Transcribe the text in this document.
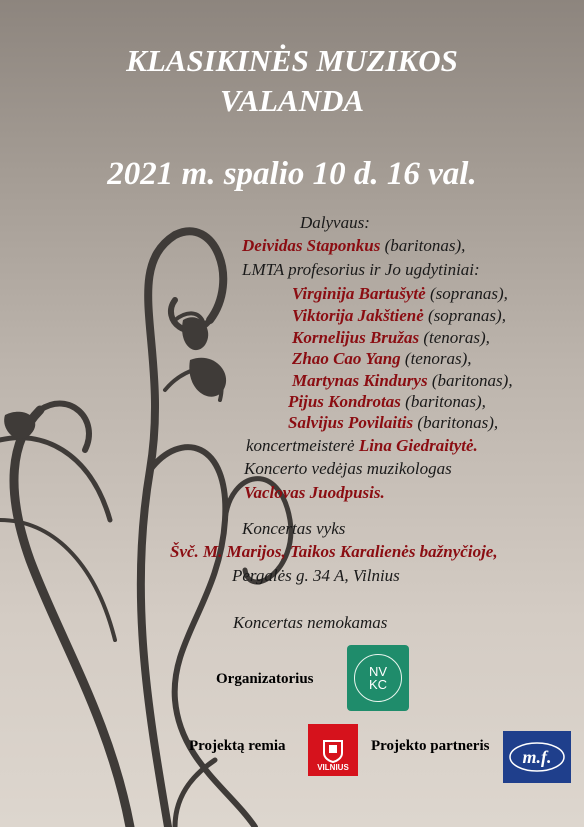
KLASIKINĖS MUZIKOS
VALANDA
2021 m. spalio 10 d. 16 val.
Dalyvaus:
Deividas Staponkus (baritonas),
LMTA profesorius ir Jo ugdytiniai:
Virginija Bartušytė (sopranas),
Viktorija Jakštienė (sopranas),
Kornelijus Bružas (tenoras),
Zhao Cao Yang (tenoras),
Martynas Kindurys (baritonas),
Pijus Kondrotas (baritonas),
Salvijus Povilaitis (baritonas),
koncertmeisterė Lina Giedraitytė.
Koncerto vedėjas muzikologas
Vaclovas Juodpusis.
Koncertas vyks
Švč. M. Marijos, Taikos Karalienės bažnyčioje,
Pergalės g. 34 A, Vilnius
Koncertas nemokamas
Organizatorius	NV
KC
Projektą remia
VILNIUS
Projekto partneris
m.f.
